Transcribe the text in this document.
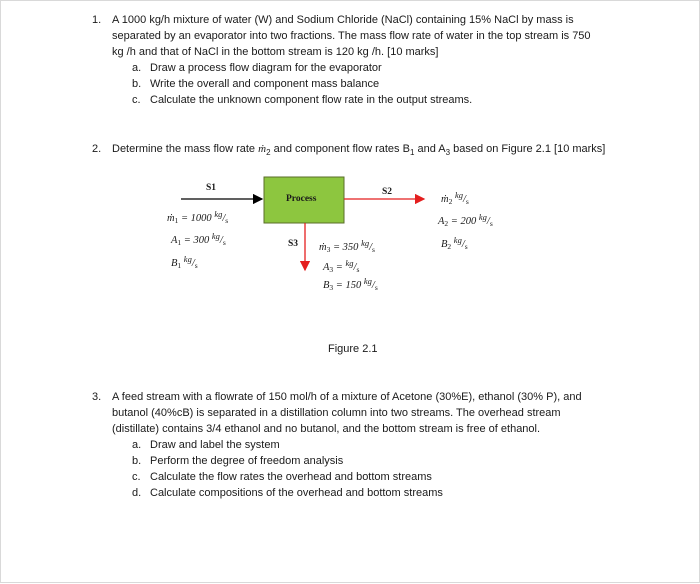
1. A 1000 kg/h mixture of water (W) and Sodium Chloride (NaCl) containing 15% NaCl by mass is
separated by an evaporator into two fractions. The mass flow rate of water in the top stream is 750
kg /h and that of NaCl in the bottom stream is 120 kg /h. [10 marks]
a. Draw a process flow diagram for the evaporator
b. Write the overall and component mass balance
c. Calculate the unknown component flow rate in the output streams.
2. Determine the mass flow rate ṁ$_2$ and component flow rates $B_1$ and $A_3$ based on Figure 2.1 [10 marks]
Process
S1	S2
S3
ṁ$_1$ = 1000 $^{kg}/_s$
$A_1 = 300$ $^{kg}/_s$
$B_1$ $^{kg}/_s$
ṁ$_2$ $^{kg}/_s$
$A_2 = 200$ $^{kg}/_s$
$B_2$ $^{kg}/_s$
ṁ$_3$ = 350 $^{kg}/_s$
$A_3 = ^{kg}/_s$
$B_3 = 150$ $^{kg}/_s$
Figure 2.1
3. A feed stream with a flowrate of 150 mol/h of a mixture of Acetone (30%E), ethanol (30% P), and
butanol (40%cB) is separated in a distillation column into two streams. The overhead stream
(distillate) contains 3/4 ethanol and no butanol, and the bottom stream is free of ethanol.
a. Draw and label the system
b. Perform the degree of freedom analysis
c. Calculate the flow rates the overhead and bottom streams
d. Calculate compositions of the overhead and bottom streams
